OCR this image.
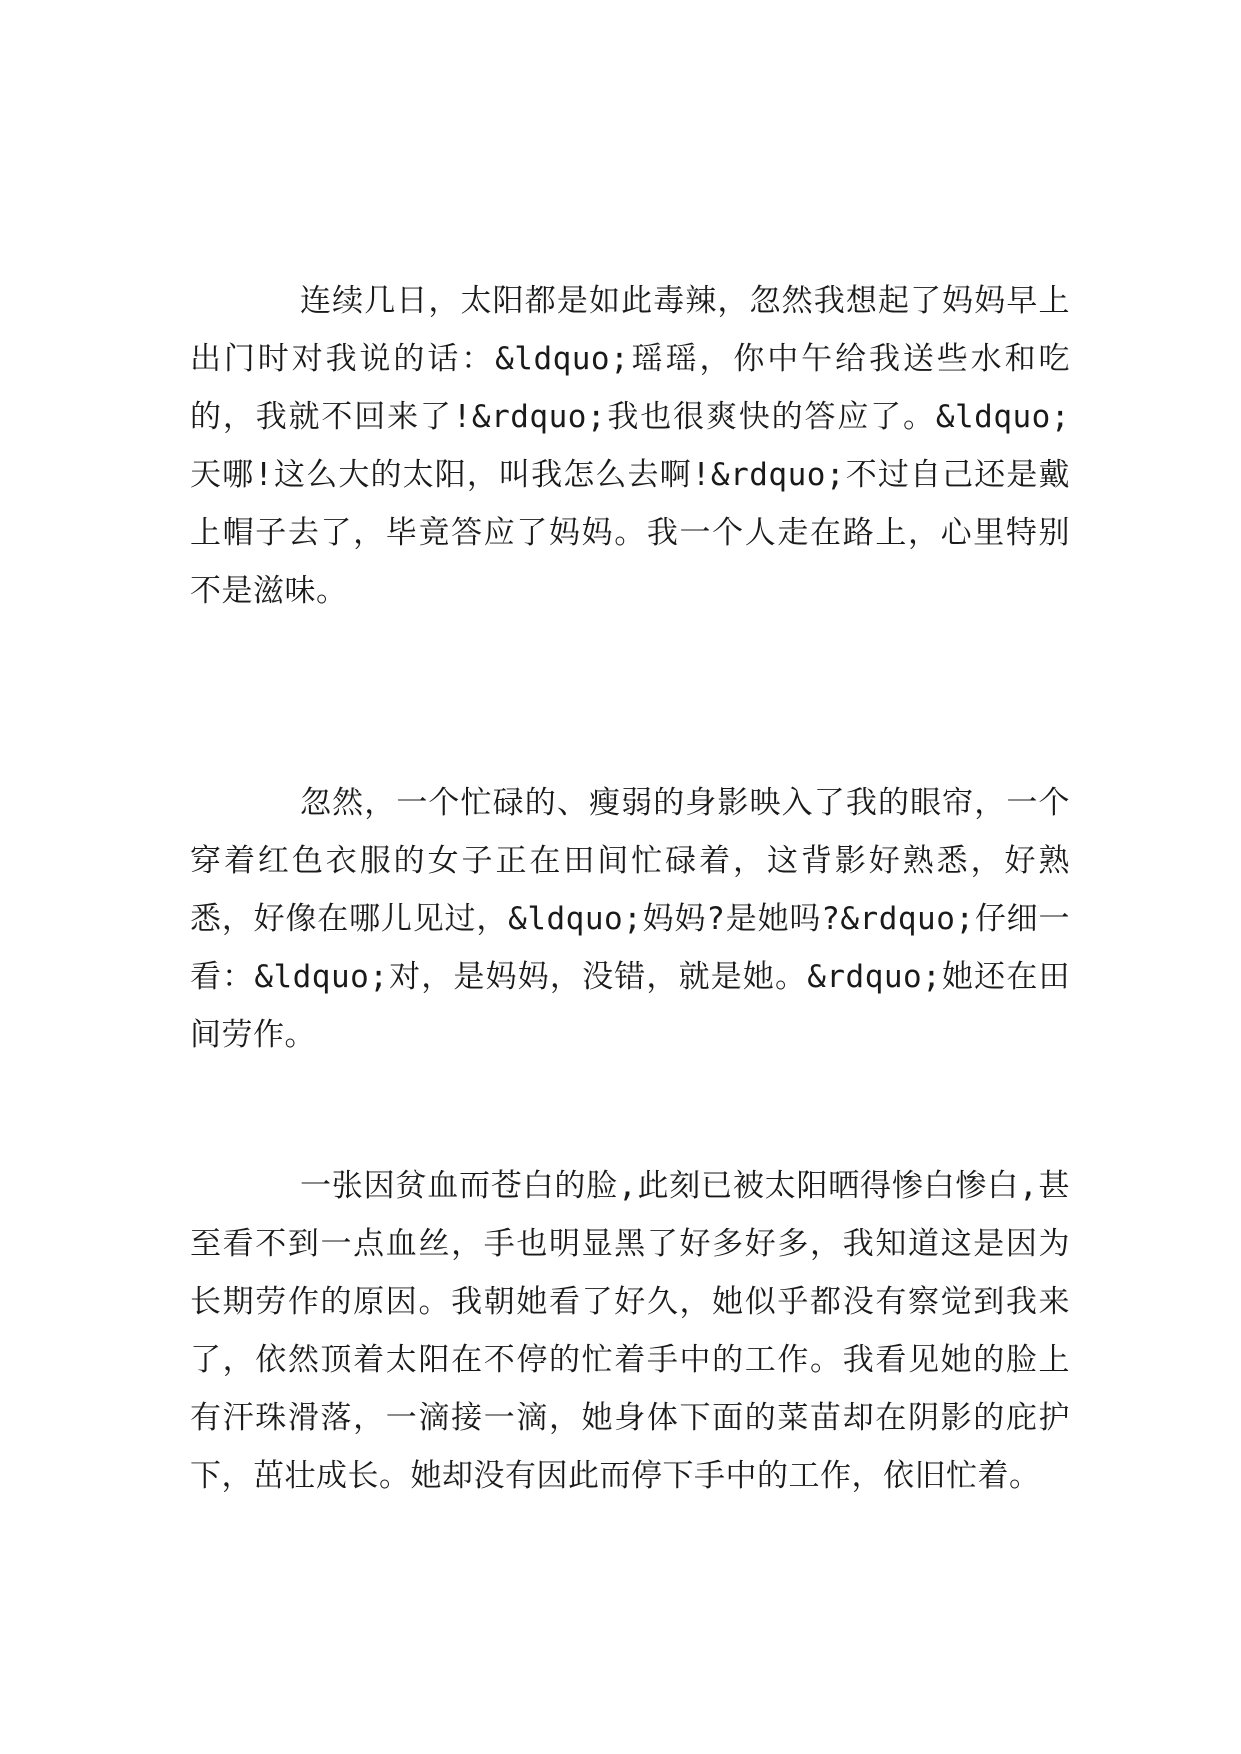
连续几日，太阳都是如此毒辣，忽然我想起了妈妈早上出门时对我说的话：&ldquo;瑶瑶，你中午给我送些水和吃的，我就不回来了!&rdquo;我也很爽快的答应了。&ldquo;天哪!这么大的太阳，叫我怎么去啊!&rdquo;不过自己还是戴上帽子去了，毕竟答应了妈妈。我一个人走在路上，心里特别不是滋味。

忽然，一个忙碌的、瘦弱的身影映入了我的眼帘，一个穿着红色衣服的女子正在田间忙碌着，这背影好熟悉，好熟悉，好像在哪儿见过，&ldquo;妈妈?是她吗?&rdquo;仔细一看：&ldquo;对，是妈妈，没错，就是她。&rdquo;她还在田间劳作。

一张因贫血而苍白的脸,此刻已被太阳晒得惨白惨白,甚至看不到一点血丝，手也明显黑了好多好多，我知道这是因为长期劳作的原因。我朝她看了好久，她似乎都没有察觉到我来了，依然顶着太阳在不停的忙着手中的工作。我看见她的脸上有汗珠滑落，一滴接一滴，她身体下面的菜苗却在阴影的庇护下，茁壮成长。她却没有因此而停下手中的工作，依旧忙着。
